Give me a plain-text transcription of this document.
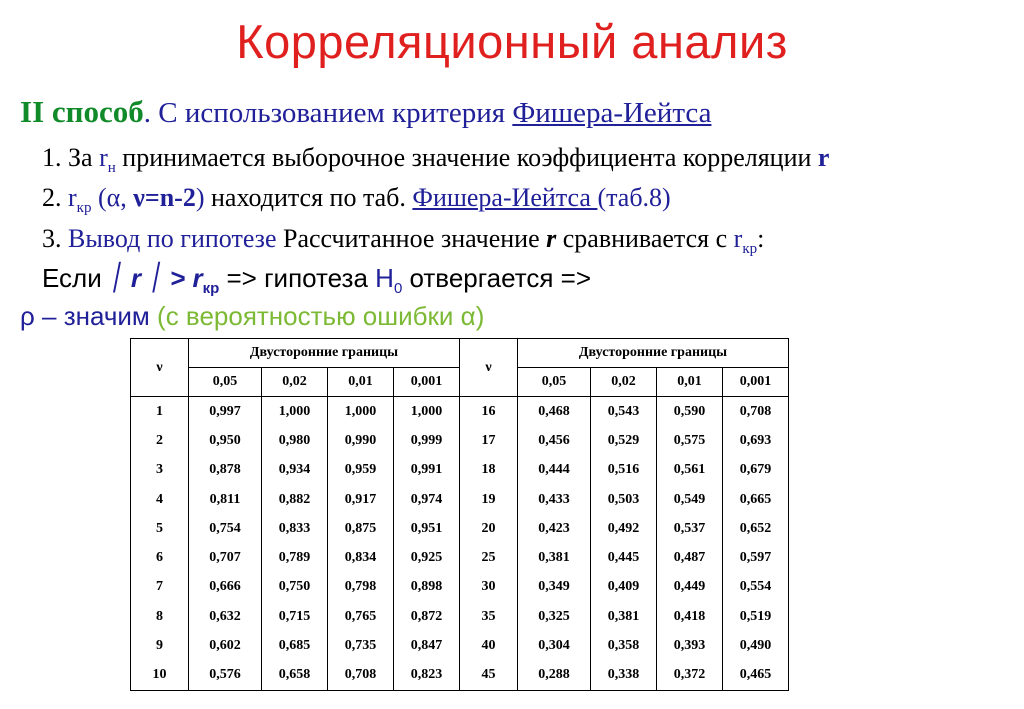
Корреляционный анализ
II способ. С использованием критерия Фишера-Иейтса
1. За $r_н$ принимается выборочное значение коэффициента корреляции r
2. $r_{кр}$ (α, ν=n-2) находится по таб. Фишера-Иейтса (таб.8)
3. Вывод по гипотезе Рассчитанное значение r сравнивается с $r_{кр}$:
Если ׀ r ׀ > $r_{кр}$ => гипотеза $H_0$ отвергается =>
ρ – значим (с вероятностью ошибки α)
ν	Двусторонние границы				ν	Двусторонние границы			
	0,05	0,02	0,01	0,001		0,05	0,02	0,01	0,001
1	0,997	1,000	1,000	1,000	16	0,468	0,543	0,590	0,708
2	0,950	0,980	0,990	0,999	17	0,456	0,529	0,575	0,693
3	0,878	0,934	0,959	0,991	18	0,444	0,516	0,561	0,679
4	0,811	0,882	0,917	0,974	19	0,433	0,503	0,549	0,665
5	0,754	0,833	0,875	0,951	20	0,423	0,492	0,537	0,652
6	0,707	0,789	0,834	0,925	25	0,381	0,445	0,487	0,597
7	0,666	0,750	0,798	0,898	30	0,349	0,409	0,449	0,554
8	0,632	0,715	0,765	0,872	35	0,325	0,381	0,418	0,519
9	0,602	0,685	0,735	0,847	40	0,304	0,358	0,393	0,490
10	0,576	0,658	0,708	0,823	45	0,288	0,338	0,372	0,465
